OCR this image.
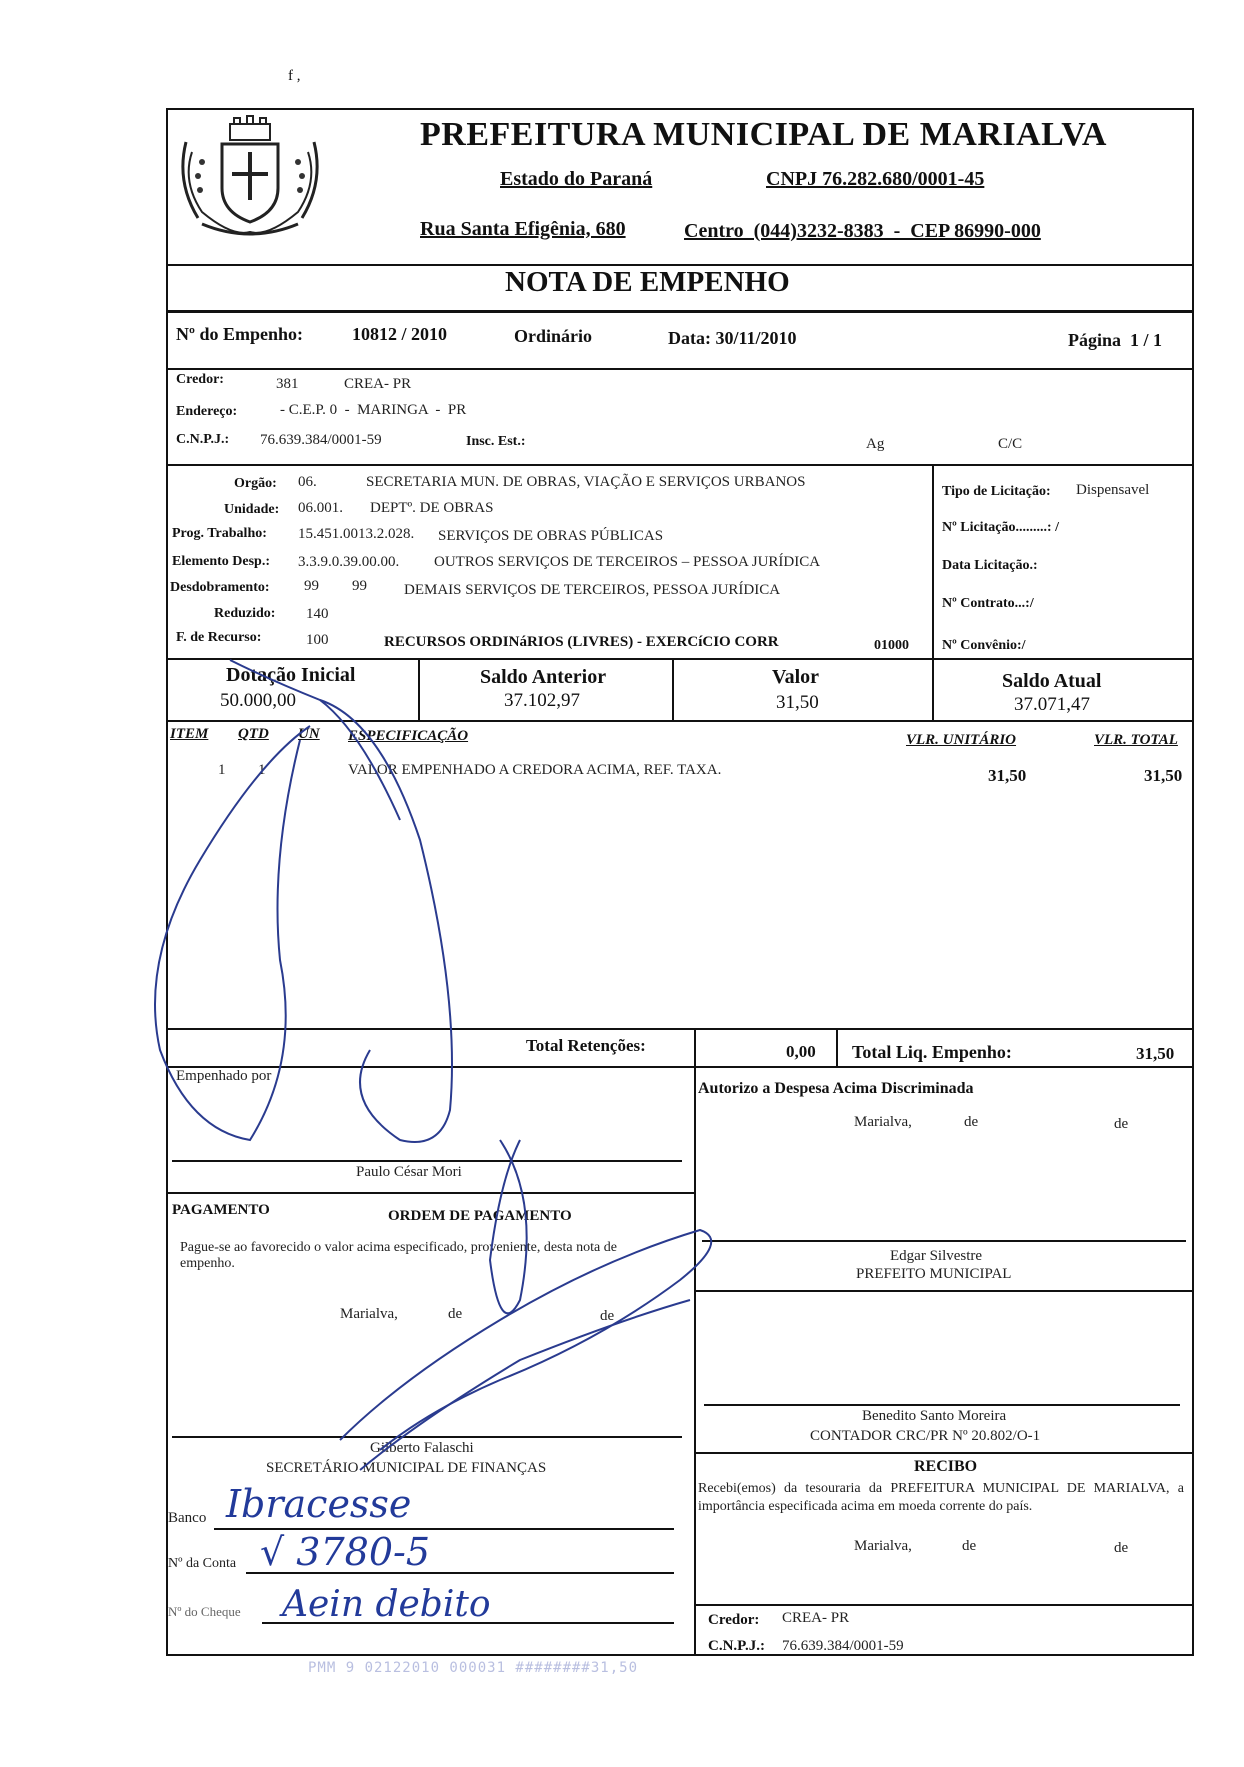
f ,
PREFEITURA MUNICIPAL DE MARIALVA
Estado do Paraná	CNPJ 76.282.680/0001-45
Rua Santa Efigênia, 680	Centro  (044)3232-8383  -  CEP 86990-000
NOTA DE EMPENHO
Nº do Empenho:	10812 / 2010	Ordinário	Data: 30/11/2010	Página  1 / 1
Credor:	381	CREA- PR
Endereço:	- C.E.P. 0  -  MARINGA  -  PR
C.N.P.J.: 76.639.384/0001-59	Insc. Est.:	Ag	C/C
Orgão: 06.	SECRETARIA MUN. DE OBRAS, VIAÇÃO E SERVIÇOS URBANOS
Unidade: 06.001. DEPTº. DE OBRAS
Prog. Trabalho: 15.451.0013.2.028. SERVIÇOS DE OBRAS PÚBLICAS
Elemento Desp.: 3.3.9.0.39.00.00. OUTROS SERVIÇOS DE TERCEIROS – PESSOA JURÍDICA
Desdobramento: 99 99 DEMAIS SERVIÇOS DE TERCEIROS, PESSOA JURÍDICA
Reduzido: 140
F. de Recurso:	100	RECURSOS ORDINáRIOS (LIVRES) - EXERCíCIO CORR	01000
Tipo de Licitação: Dispensavel
Nº Licitação.........: /
Data Licitação.:
Nº Contrato...:/
Nº Convênio:/
Dotação Inicial
50.000,00
Saldo Anterior
37.102,97
Valor
31,50
Saldo Atual
37.071,47
ITEM QTD UN ESPECIFICAÇÃO	VLR. UNITÁRIO	VLR. TOTAL
1 1	VALOR EMPENHADO A CREDORA ACIMA, REF. TAXA.	31,50	31,50
Total Retenções:	0,00 Total Liq. Empenho:	31,50
Empenhado por
Paulo César Mori
Autorizo a Despesa Acima Discriminada
Marialva,	de	de
Edgar Silvestre
PREFEITO MUNICIPAL
PAGAMENTO	ORDEM DE PAGAMENTO
Pague-se ao favorecido o valor acima especificado, proveniente, desta nota de empenho.
Marialva,	de	de
Gilberto Falaschi
SECRETÁRIO MUNICIPAL DE FINANÇAS
Benedito Santo Moreira
CONTADOR CRC/PR Nº 20.802/O-1
RECIBO
Recebi(emos) da tesouraria da PREFEITURA MUNICIPAL DE MARIALVA, a importância especificada acima em moeda corrente do país.
Marialva,	de	de
Credor: CREA- PR
C.N.P.J.: 76.639.384/0001-59
Banco Ibracesse
Nº da Conta √ 3780-5
Nº do Cheque Aein debito
PMM 9 02122010 000031 ########31,50
